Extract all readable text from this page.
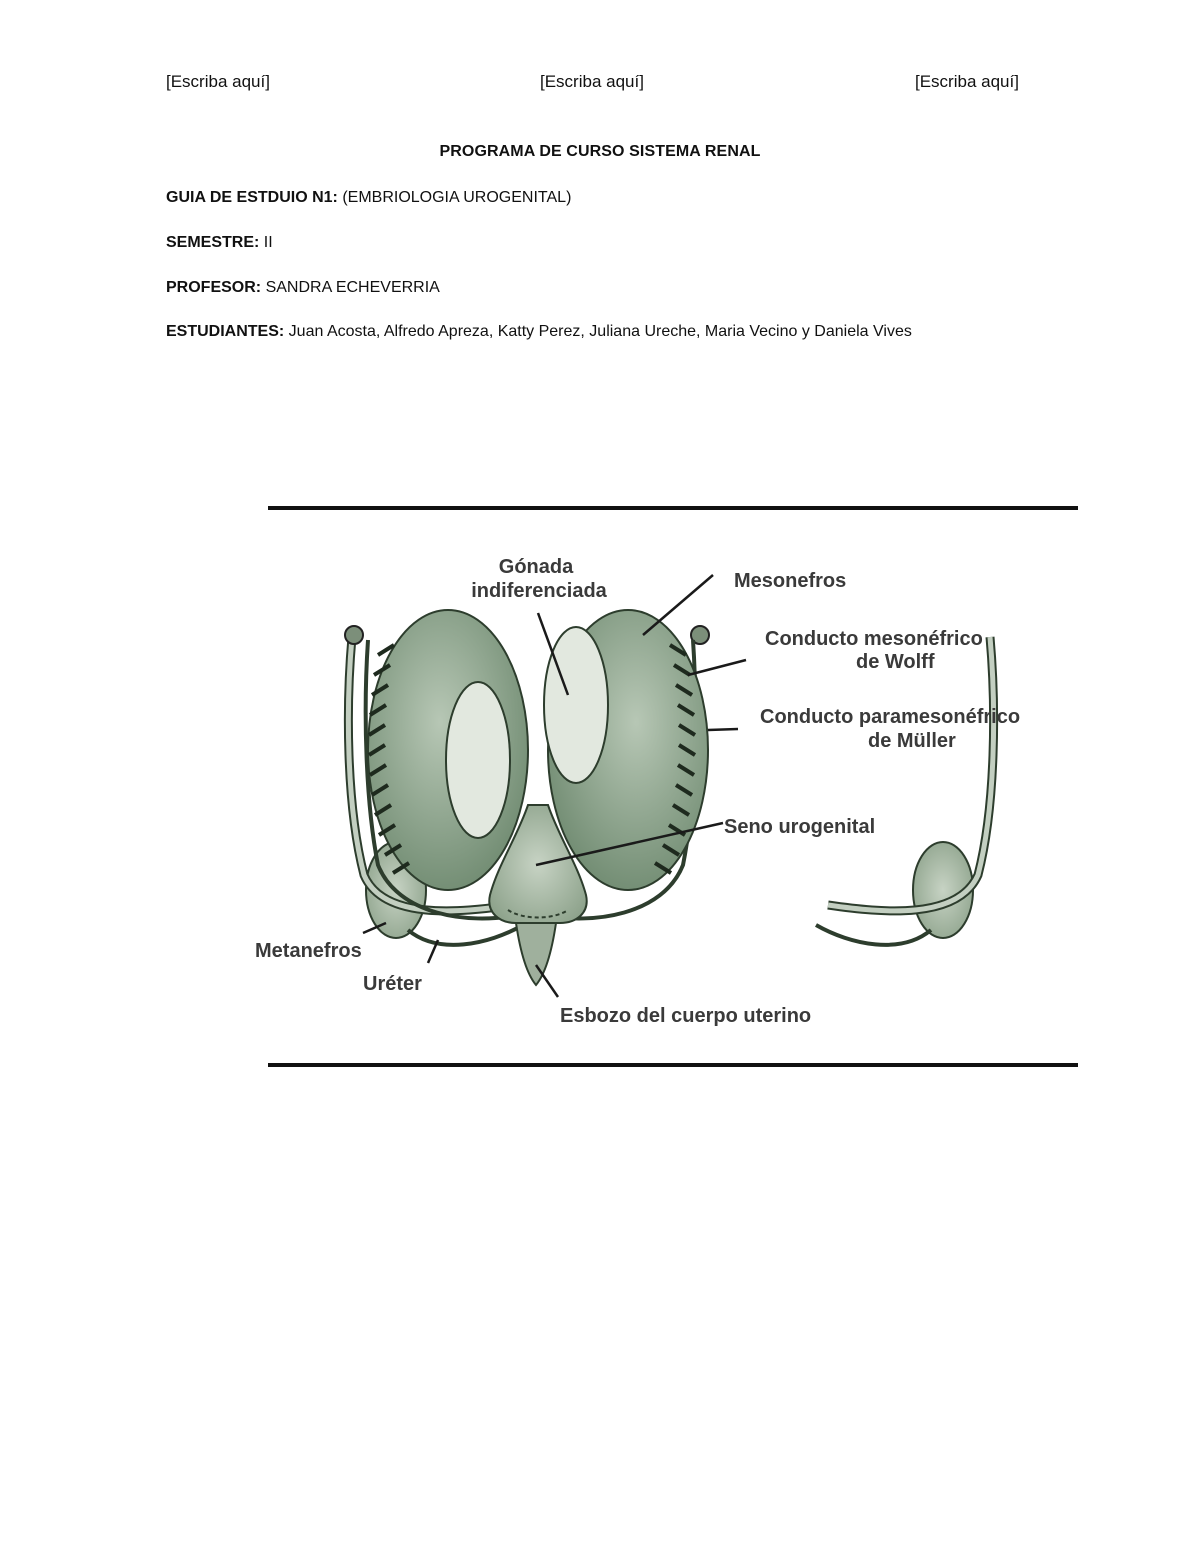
[Escriba aquí]	[Escriba aquí]	[Escriba aquí]
PROGRAMA DE CURSO SISTEMA RENAL
GUIA DE ESTDUIO N1: (EMBRIOLOGIA UROGENITAL)
SEMESTRE: II
PROFESOR: SANDRA ECHEVERRIA
ESTUDIANTES: Juan Acosta, Alfredo Apreza, Katty Perez, Juliana Ureche, Maria Vecino y Daniela Vives
Gónada
indiferenciada	Mesonefros
Conducto mesonéfrico
de Wolff
Conducto paramesonéfrico
de Müller
Seno urogenital
Metanefros
Uréter
Esbozo del cuerpo uterino
